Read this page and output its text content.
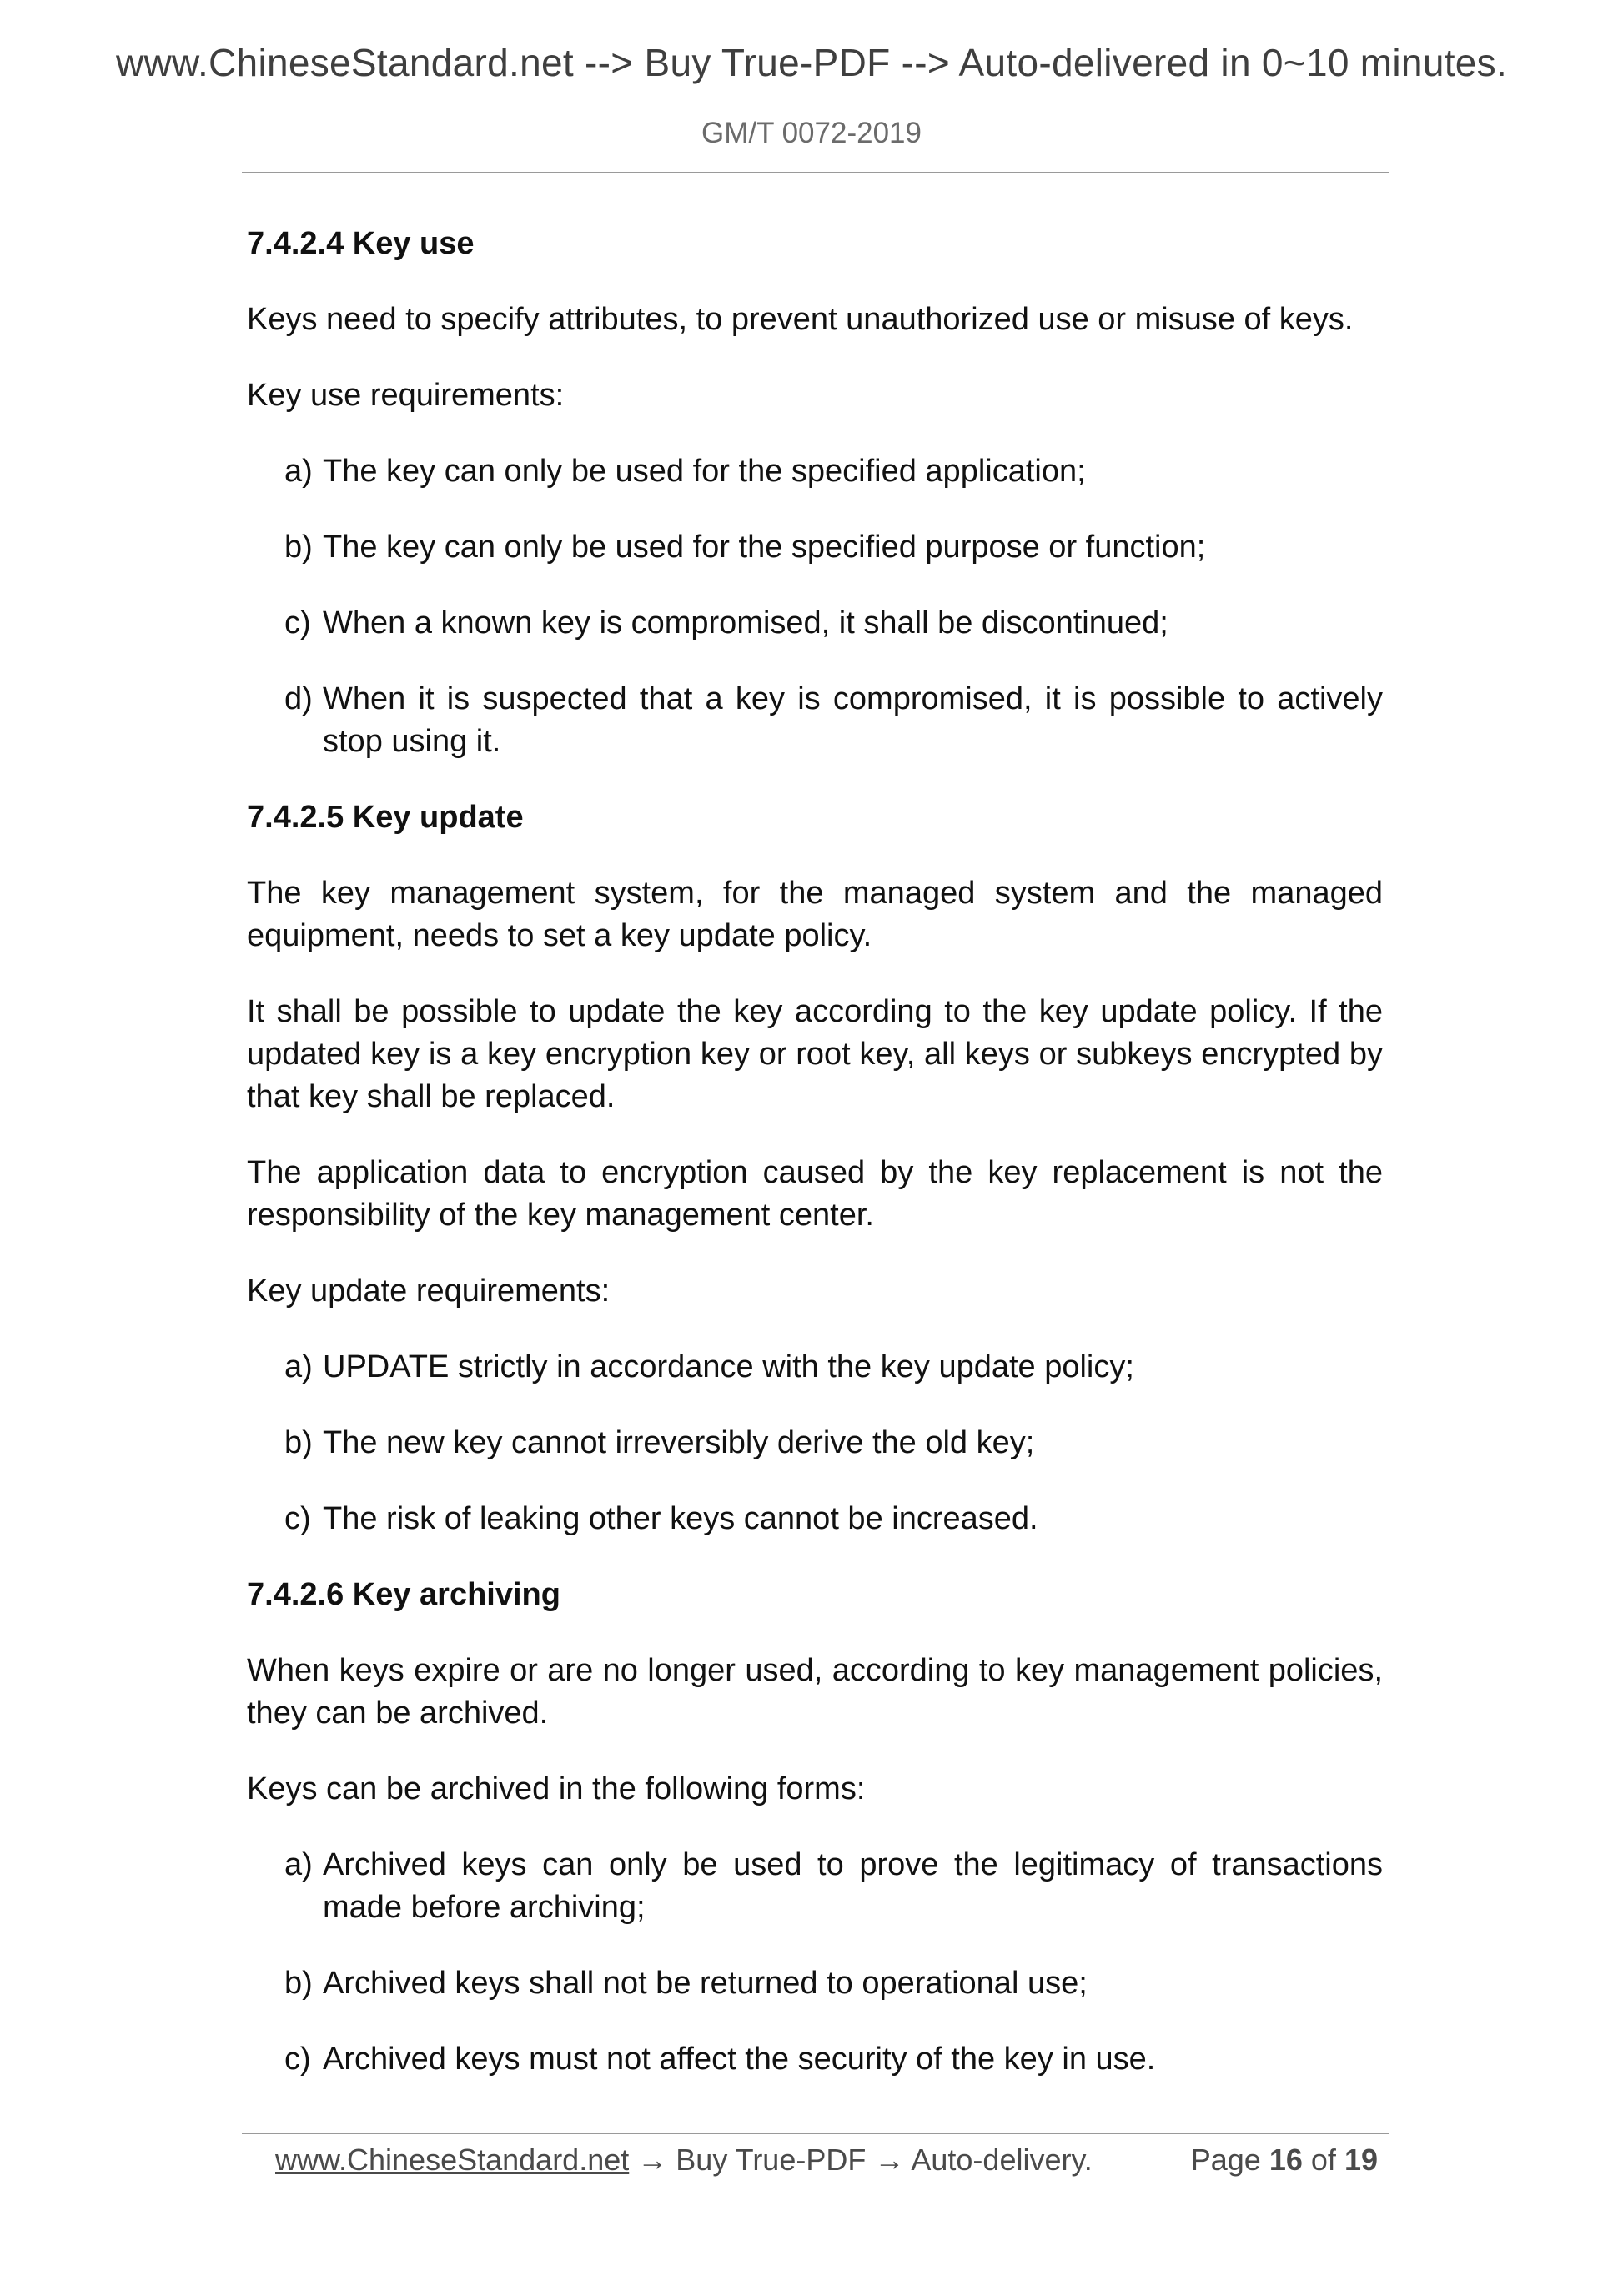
www.ChineseStandard.net --> Buy True-PDF --> Auto-delivered in 0~10 minutes.
GM/T 0072-2019
7.4.2.4 Key use
Keys need to specify attributes, to prevent unauthorized use or misuse of keys.
Key use requirements:
a) The key can only be used for the specified application;
b) The key can only be used for the specified purpose or function;
c) When a known key is compromised, it shall be discontinued;
d) When it is suspected that a key is compromised, it is possible to actively stop using it.
7.4.2.5 Key update
The key management system, for the managed system and the managed equipment, needs to set a key update policy.
It shall be possible to update the key according to the key update policy. If the updated key is a key encryption key or root key, all keys or subkeys encrypted by that key shall be replaced.
The application data to encryption caused by the key replacement is not the responsibility of the key management center.
Key update requirements:
a) UPDATE strictly in accordance with the key update policy;
b) The new key cannot irreversibly derive the old key;
c) The risk of leaking other keys cannot be increased.
7.4.2.6 Key archiving
When keys expire or are no longer used, according to key management policies, they can be archived.
Keys can be archived in the following forms:
a) Archived keys can only be used to prove the legitimacy of transactions made before archiving;
b) Archived keys shall not be returned to operational use;
c) Archived keys must not affect the security of the key in use.
www.ChineseStandard.net → Buy True-PDF → Auto-delivery.	Page 16 of 19
